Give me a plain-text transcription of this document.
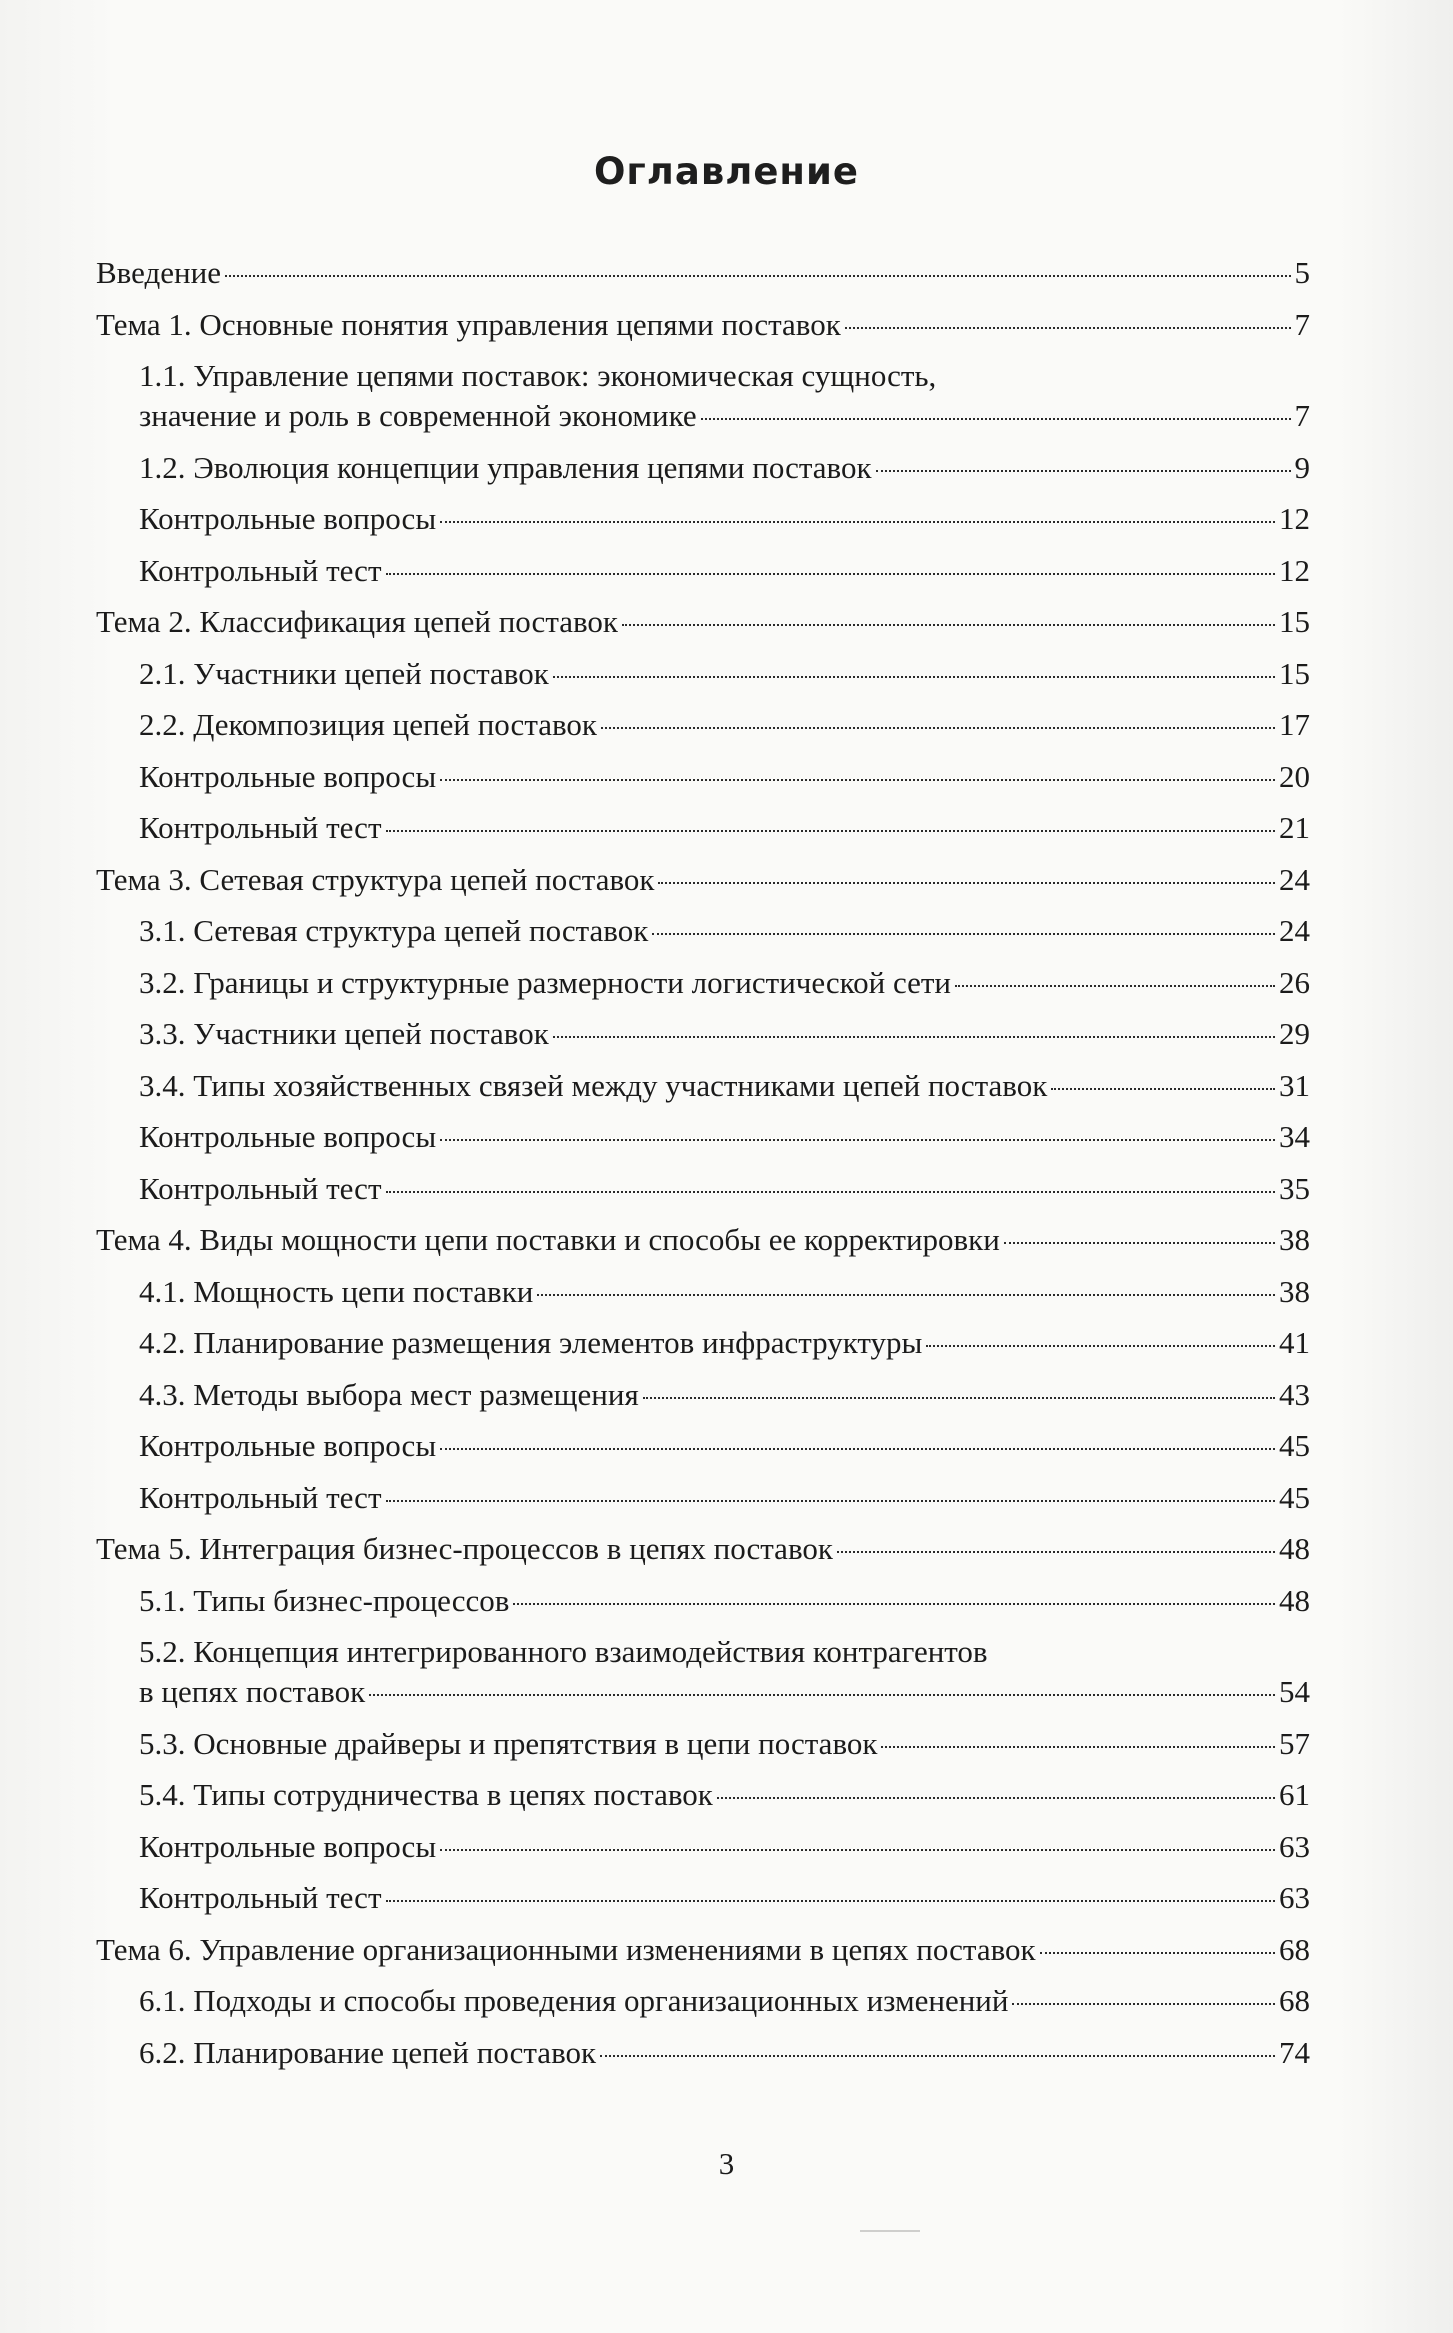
Оглавление
Введение	5
Тема 1. Основные понятия управления цепями поставок	7
1.1. Управление цепями поставок: экономическая сущность,
значение и роль в современной экономике	7
1.2. Эволюция концепции управления цепями поставок	9
Контрольные вопросы	12
Контрольный тест	12
Тема 2. Классификация цепей поставок	15
2.1. Участники цепей поставок	15
2.2. Декомпозиция цепей поставок	17
Контрольные вопросы	20
Контрольный тест	21
Тема 3. Сетевая структура цепей поставок	24
3.1. Сетевая структура цепей поставок	24
3.2. Границы и структурные размерности логистической сети	26
3.3. Участники цепей поставок	29
3.4. Типы хозяйственных связей между участниками цепей поставок	31
Контрольные вопросы	34
Контрольный тест	35
Тема 4. Виды мощности цепи поставки и способы ее корректировки	38
4.1. Мощность цепи поставки	38
4.2. Планирование размещения элементов инфраструктуры	41
4.3. Методы выбора мест размещения	43
Контрольные вопросы	45
Контрольный тест	45
Тема 5. Интеграция бизнес-процессов в цепях поставок	48
5.1. Типы бизнес-процессов	48
5.2. Концепция интегрированного взаимодействия контрагентов
в цепях поставок	54
5.3. Основные драйверы и препятствия в цепи поставок	57
5.4. Типы сотрудничества в цепях поставок	61
Контрольные вопросы	63
Контрольный тест	63
Тема 6. Управление организационными изменениями в цепях поставок	68
6.1. Подходы и способы проведения организационных изменений	68
6.2. Планирование цепей поставок	74
3
